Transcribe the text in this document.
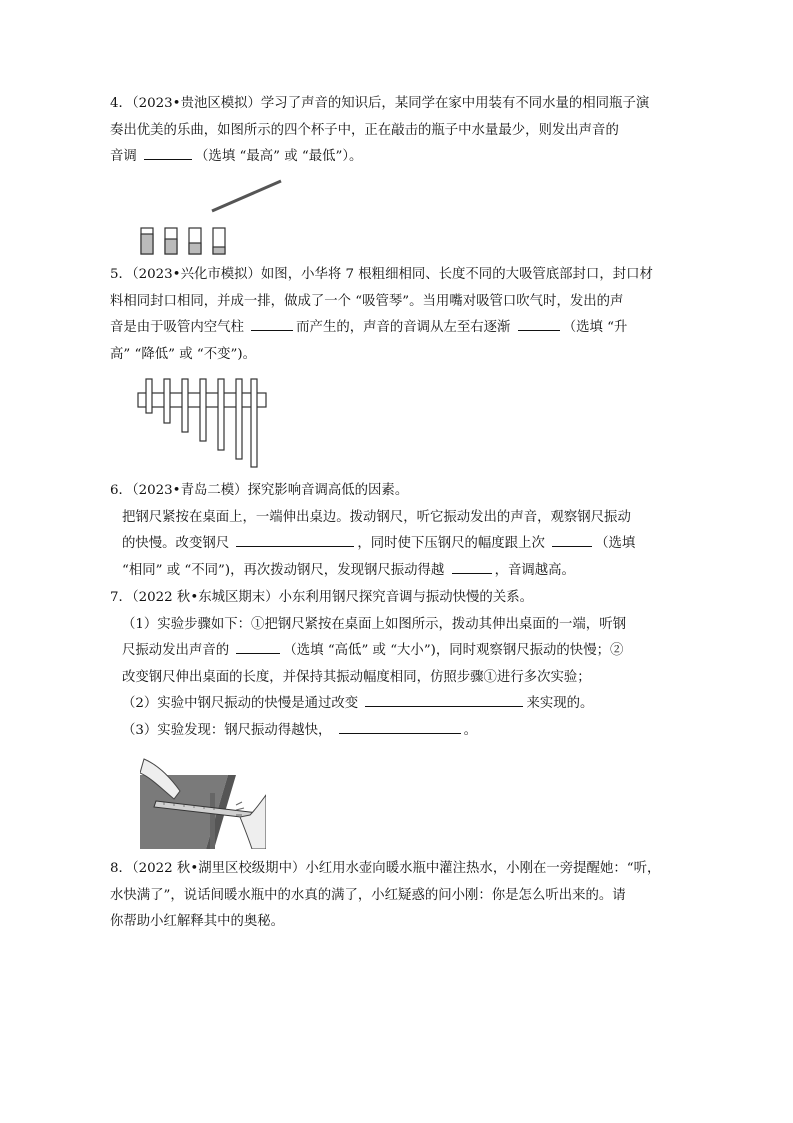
4．（2023•贵池区模拟）学习了声音的知识后，某同学在家中用装有不同水量的相同瓶子演
奏出优美的乐曲，如图所示的四个杯子中，正在敲击的瓶子中水量最少，则发出声音的
音调	（选填 “最高” 或 “最低”）。
5．（2023•兴化市模拟）如图，小华将 7 根粗细相同、长度不同的大吸管底部封口，封口材
料相同封口相同，并成一排，做成了一个 “吸管琴”。当用嘴对吸管口吹气时，发出的声
音是由于吸管内空气柱	而产生的，声音的音调从左至右逐渐	（选填 “升
高” “降低” 或 “不变”)。
6．（2023•青岛二模）探究影响音调高低的因素。
把钢尺紧按在桌面上，一端伸出桌边。拨动钢尺，听它振动发出的声音，观察钢尺振动
的快慢。改变钢尺	，同时使下压钢尺的幅度跟上次	（选填
“相同” 或 “不同”)，再次拨动钢尺，发现钢尺振动得越	，音调越高。
7．（2022 秋•东城区期末）小东利用钢尺探究音调与振动快慢的关系。
（1）实验步骤如下：①把钢尺紧按在桌面上如图所示，拨动其伸出桌面的一端，听钢
尺振动发出声音的	（选填 “高低” 或 “大小”)，同时观察钢尺振动的快慢；②
改变钢尺伸出桌面的长度，并保持其振动幅度相同，仿照步骤①进行多次实验；
（2）实验中钢尺振动的快慢是通过改变	来实现的。
（3）实验发现：钢尺振动得越快，	。
8．（2022 秋•湖里区校级期中）小红用水壶向暖水瓶中灌注热水，小刚在一旁提醒她：“听，
水快满了”，说话间暖水瓶中的水真的满了，小红疑惑的问小刚：你是怎么听出来的。请
你帮助小红解释其中的奥秘。
